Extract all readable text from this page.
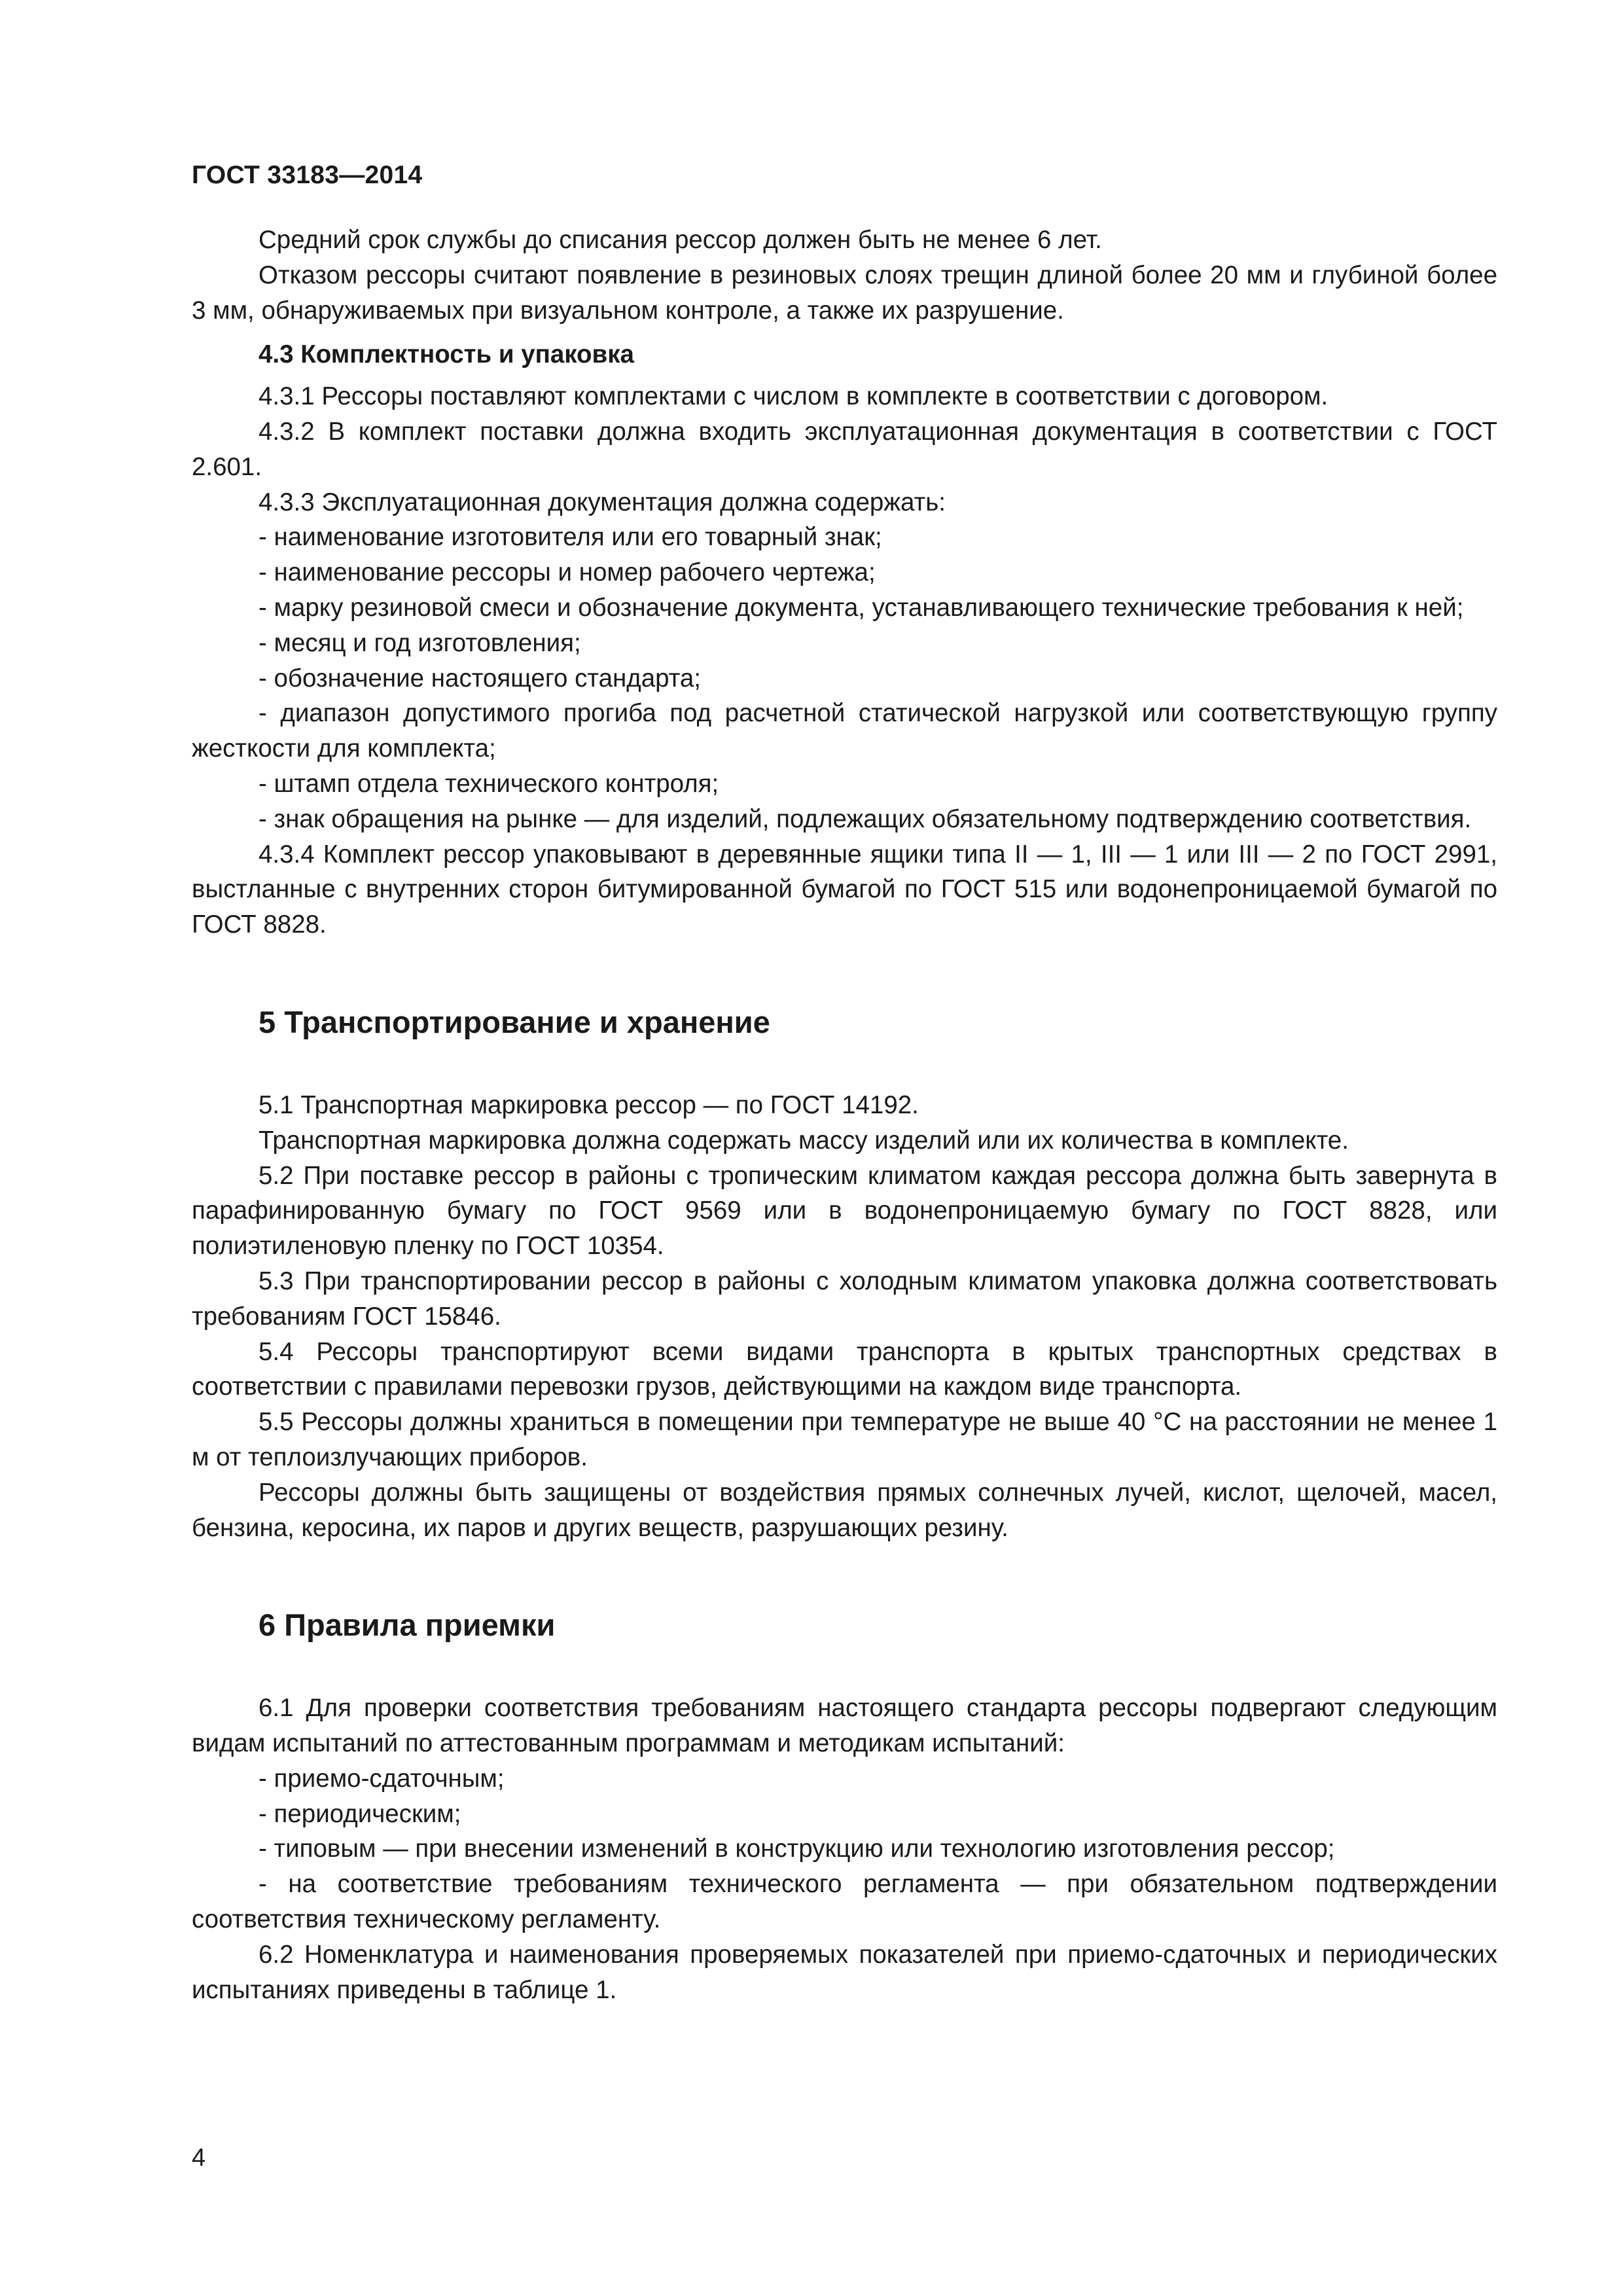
ГОСТ 33183—2014

Средний срок службы до списания рессор должен быть не менее 6 лет.

Отказом рессоры считают появление в резиновых слоях трещин длиной более 20 мм и глубиной более 3 мм, обнаруживаемых при визуальном контроле, а также их разрушение.

4.3 Комплектность и упаковка

4.3.1 Рессоры поставляют комплектами с числом в комплекте в соответствии с договором.

4.3.2 В комплект поставки должна входить эксплуатационная документация в соответствии с ГОСТ 2.601.

4.3.3 Эксплуатационная документация должна содержать:

- наименование изготовителя или его товарный знак;

- наименование рессоры и номер рабочего чертежа;

- марку резиновой смеси и обозначение документа, устанавливающего технические требования к ней;

- месяц и год изготовления;

- обозначение настоящего стандарта;

- диапазон допустимого прогиба под расчетной статической нагрузкой или соответствующую группу жесткости для комплекта;

- штамп отдела технического контроля;

- знак обращения на рынке — для изделий, подлежащих обязательному подтверждению соответствия.

4.3.4 Комплект рессор упаковывают в деревянные ящики типа II — 1, III — 1 или III — 2 по ГОСТ 2991, выстланные с внутренних сторон битумированной бумагой по ГОСТ 515 или водонепроницаемой бумагой по ГОСТ 8828.

5 Транспортирование и хранение

5.1 Транспортная маркировка рессор — по ГОСТ 14192.

Транспортная маркировка должна содержать массу изделий или их количества в комплекте.

5.2 При поставке рессор в районы с тропическим климатом каждая рессора должна быть завернута в парафинированную бумагу по ГОСТ 9569 или в водонепроницаемую бумагу по ГОСТ 8828, или полиэтиленовую пленку по ГОСТ 10354.

5.3 При транспортировании рессор в районы с холодным климатом упаковка должна соответствовать требованиям ГОСТ 15846.

5.4 Рессоры транспортируют всеми видами транспорта в крытых транспортных средствах в соответствии с правилами перевозки грузов, действующими на каждом виде транспорта.

5.5 Рессоры должны храниться в помещении при температуре не выше 40 °С на расстоянии не менее 1 м от теплоизлучающих приборов.

Рессоры должны быть защищены от воздействия прямых солнечных лучей, кислот, щелочей, масел, бензина, керосина, их паров и других веществ, разрушающих резину.

6 Правила приемки

6.1 Для проверки соответствия требованиям настоящего стандарта рессоры подвергают следующим видам испытаний по аттестованным программам и методикам испытаний:

- приемо-сдаточным;

- периодическим;

- типовым — при внесении изменений в конструкцию или технологию изготовления рессор;

- на соответствие требованиям технического регламента — при обязательном подтверждении соответствия техническому регламенту.

6.2 Номенклатура и наименования проверяемых показателей при приемо-сдаточных и периодических испытаниях приведены в таблице 1.

4
